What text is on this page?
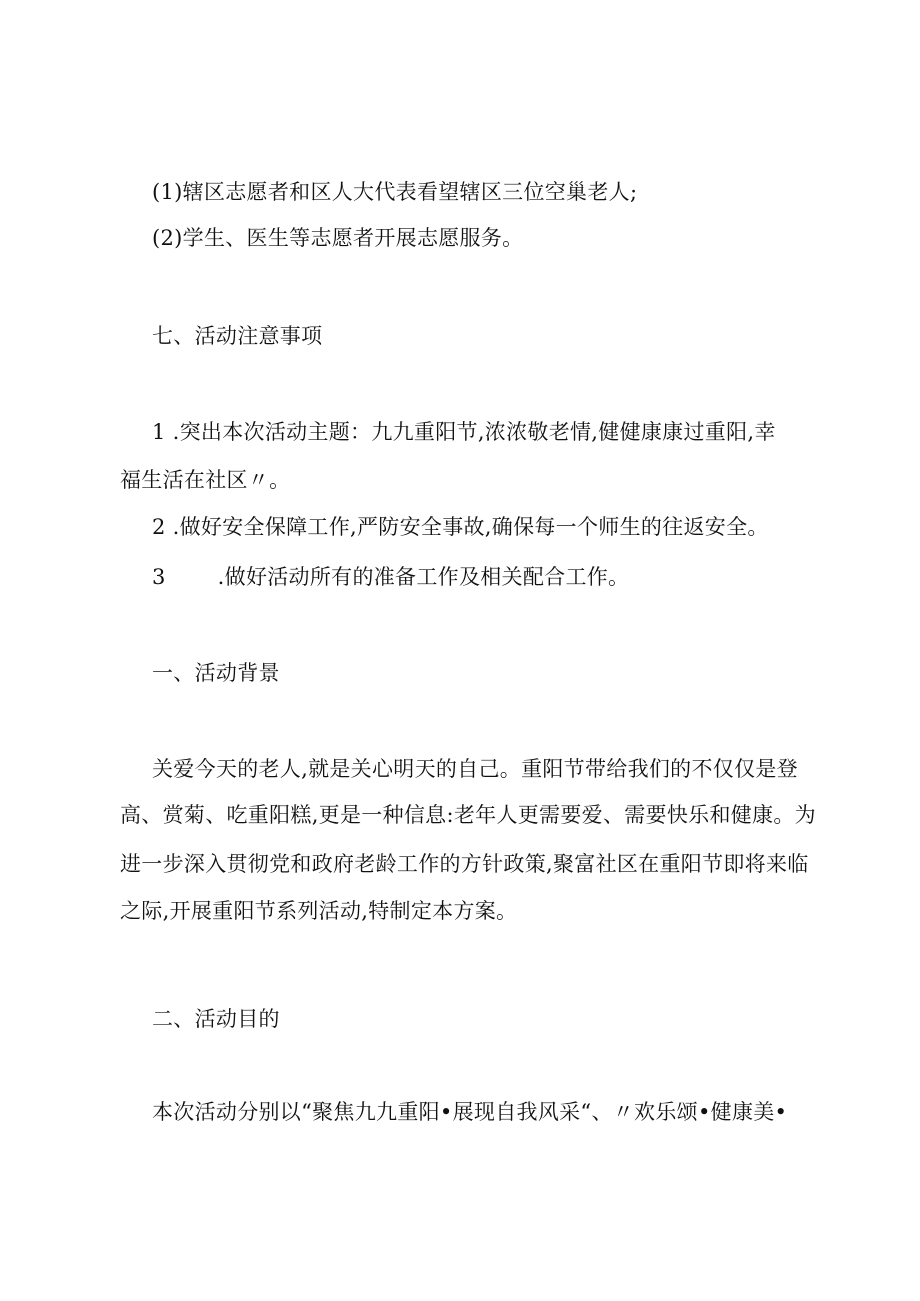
(1)辖区志愿者和区人大代表看望辖区三位空巢老人;
(2)学生、医生等志愿者开展志愿服务。
七、活动注意事项
1 .突出本次活动主题：九九重阳节,浓浓敬老情,健健康康过重阳,幸
福生活在社区〃。
2 .做好安全保障工作,严防安全事故,确保每一个师生的往返安全。
3 .做好活动所有的准备工作及相关配合工作。
一、活动背景
关爱今天的老人,就是关心明天的自己。重阳节带给我们的不仅仅是登
高、赏菊、吃重阳糕,更是一种信息:老年人更需要爱、需要快乐和健康。为
进一步深入贯彻党和政府老龄工作的方针政策,聚富社区在重阳节即将来临
之际,开展重阳节系列活动,特制定本方案。
二、活动目的
本次活动分别以“聚焦九九重阳•展现自我风采“、〃欢乐颂•健康美•
